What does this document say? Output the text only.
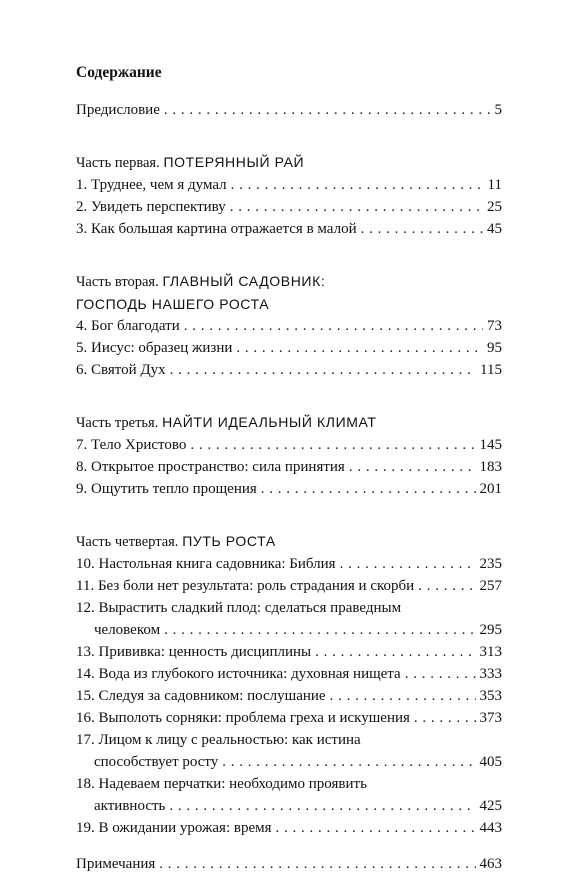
Содержание
Предисловие . . .	5
Часть первая. ПОТЕРЯННЫЙ РАЙ
1. Труднее, чем я думал . . .	11
2. Увидеть перспективу . . .	25
3. Как большая картина отражается в малой . . .	45
Часть вторая. ГЛАВНЫЙ САДОВНИК:
ГОСПОДЬ НАШЕГО РОСТА
4. Бог благодати . . .	73
5. Иисус: образец жизни . . .	95
6. Святой Дух . . .	115
Часть третья. НАЙТИ ИДЕАЛЬНЫЙ КЛИМАТ
7. Тело Христово . . .	145
8. Открытое пространство: сила принятия . . .	183
9. Ощутить тепло прощения . . .	201
Часть четвертая. ПУТЬ РОСТА
10. Настольная книга садовника: Библия . . .	235
11. Без боли нет результата: роль страдания и скорби . . .	257
12. Вырастить сладкий плод: сделаться праведным
человеком . . .	295
13. Прививка: ценность дисциплины . . .	313
14. Вода из глубокого источника: духовная нищета . . .	333
15. Следуя за садовником: послушание . . .	353
16. Выполоть сорняки: проблема греха и искушения . . .	373
17. Лицом к лицу с реальностью: как истина
способствует росту . . .	405
18. Надеваем перчатки: необходимо проявить
активность . . .	425
19. В ожидании урожая: время . . .	443
Примечания . . .	463
